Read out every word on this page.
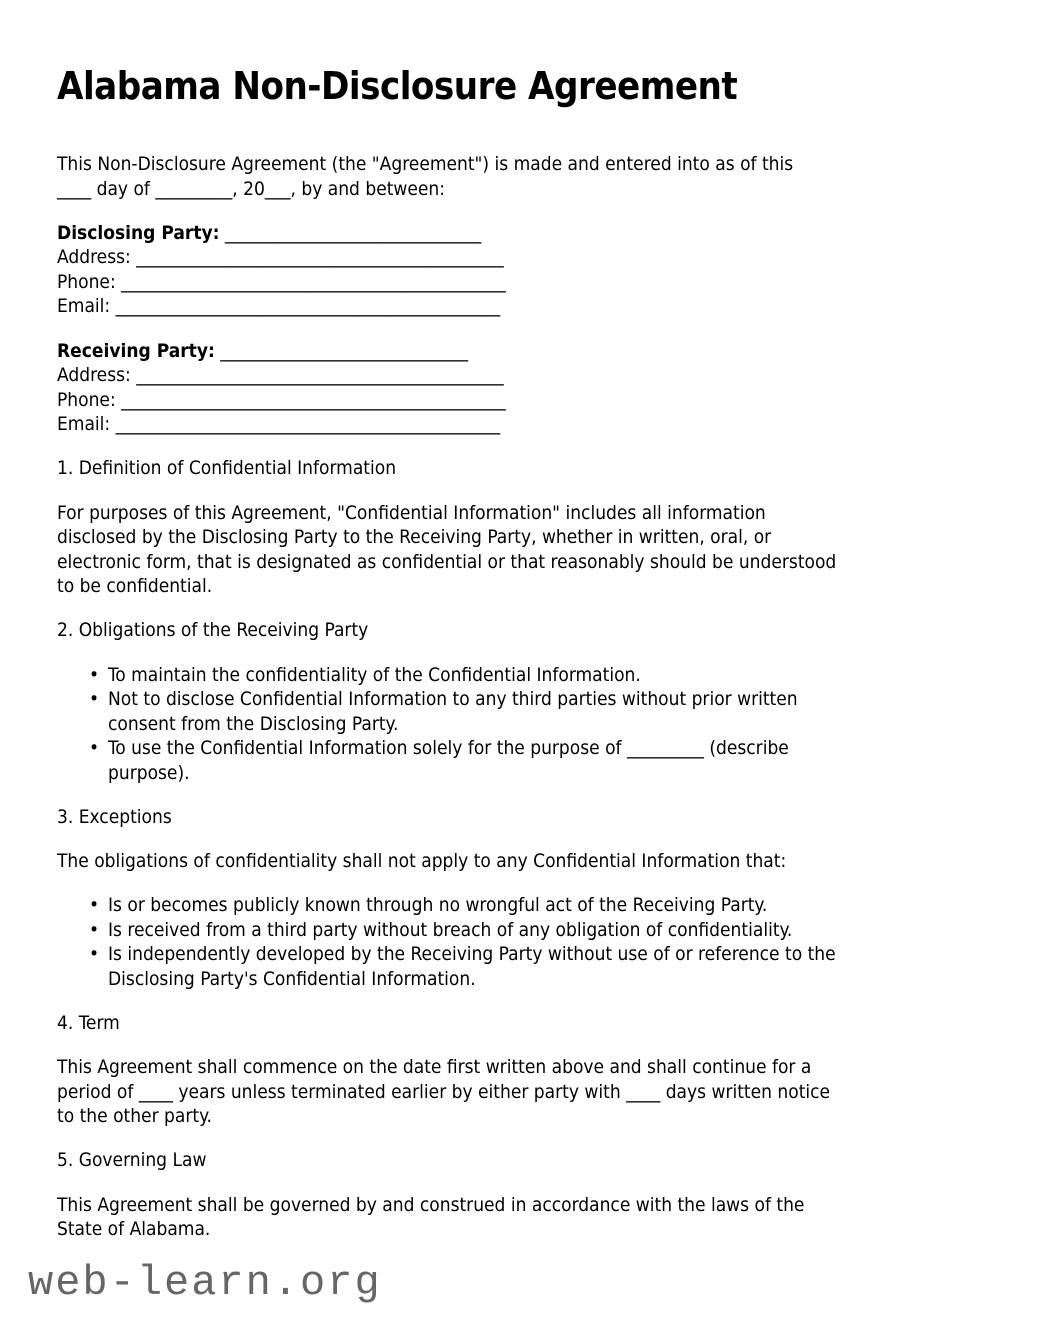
Alabama Non-Disclosure Agreement
This Non-Disclosure Agreement (the "Agreement") is made and entered into as of this
____ day of _________, 20___, by and between:
Disclosing Party: ______________________________
Address: ___________________________________________
Phone: _____________________________________________
Email: _____________________________________________
Receiving Party: _____________________________
Address: ___________________________________________
Phone: _____________________________________________
Email: _____________________________________________
1. Definition of Confidential Information
For purposes of this Agreement, "Confidential Information" includes all information
disclosed by the Disclosing Party to the Receiving Party, whether in written, oral, or
electronic form, that is designated as confidential or that reasonably should be understood
to be confidential.
2. Obligations of the Receiving Party
• To maintain the confidentiality of the Confidential Information.
• Not to disclose Confidential Information to any third parties without prior written
consent from the Disclosing Party.
• To use the Confidential Information solely for the purpose of _________ (describe
purpose).
3. Exceptions
The obligations of confidentiality shall not apply to any Confidential Information that:
• Is or becomes publicly known through no wrongful act of the Receiving Party.
• Is received from a third party without breach of any obligation of confidentiality.
• Is independently developed by the Receiving Party without use of or reference to the
Disclosing Party's Confidential Information.
4. Term
This Agreement shall commence on the date first written above and shall continue for a
period of ____ years unless terminated earlier by either party with ____ days written notice
to the other party.
5. Governing Law
This Agreement shall be governed by and construed in accordance with the laws of the
State of Alabama.
web-learn.org
